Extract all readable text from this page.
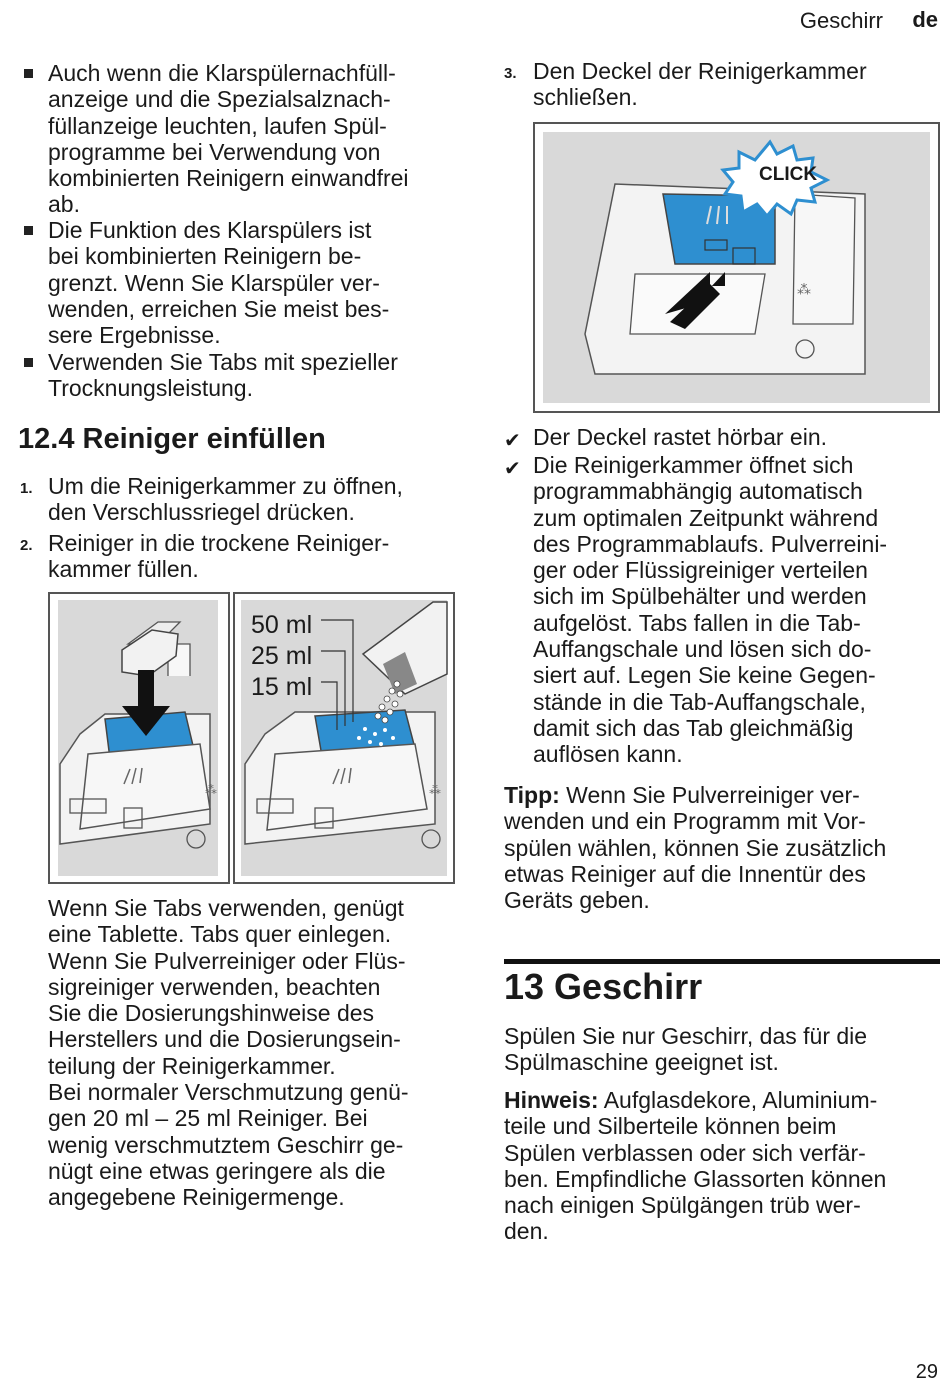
Geschirr de
Auch wenn die Klarspülernachfüll-
anzeige und die Spezialsalznach-
füllanzeige leuchten, laufen Spül-
programme bei Verwendung von
kombinierten Reinigern einwandfrei
ab.
Die Funktion des Klarspülers ist
bei kombinierten Reinigern be-
grenzt. Wenn Sie Klarspüler ver-
wenden, erreichen Sie meist bes-
sere Ergebnisse.
Verwenden Sie Tabs mit spezieller
Trocknungsleistung.
12.4 Reiniger einfüllen
1. Um die Reinigerkammer zu öffnen,
den Verschlussriegel drücken.
2. Reiniger in die trockene Reiniger-
kammer füllen.
⁂	⁂
50 ml
25 ml
15 ml
Wenn Sie Tabs verwenden, genügt
eine Tablette. Tabs quer einlegen.
Wenn Sie Pulverreiniger oder Flüs-
sigreiniger verwenden, beachten
Sie die Dosierungshinweise des
Herstellers und die Dosierungsein-
teilung der Reinigerkammer.
Bei normaler Verschmutzung genü-
gen 20 ml – 25 ml Reiniger. Bei
wenig verschmutztem Geschirr ge-
nügt eine etwas geringere als die
angegebene Reinigermenge.
3. Den Deckel der Reinigerkammer
schließen.
⁂
CLICK
✔ Der Deckel rastet hörbar ein.
✔ Die Reinigerkammer öffnet sich
programmabhängig automatisch
zum optimalen Zeitpunkt während
des Programmablaufs. Pulverreini-
ger oder Flüssigreiniger verteilen
sich im Spülbehälter und werden
aufgelöst. Tabs fallen in die Tab-
Auffangschale und lösen sich do-
siert auf. Legen Sie keine Gegen-
stände in die Tab-Auffangschale,
damit sich das Tab gleichmäßig
auflösen kann.
Tipp: Wenn Sie Pulverreiniger ver-
wenden und ein Programm mit Vor-
spülen wählen, können Sie zusätzlich
etwas Reiniger auf die Innentür des
Geräts geben.
13 Geschirr
Spülen Sie nur Geschirr, das für die
Spülmaschine geeignet ist.
Hinweis: Aufglasdekore, Aluminium-
teile und Silberteile können beim
Spülen verblassen oder sich verfär-
ben. Empfindliche Glassorten können
nach einigen Spülgängen trüb wer-
den.
29
